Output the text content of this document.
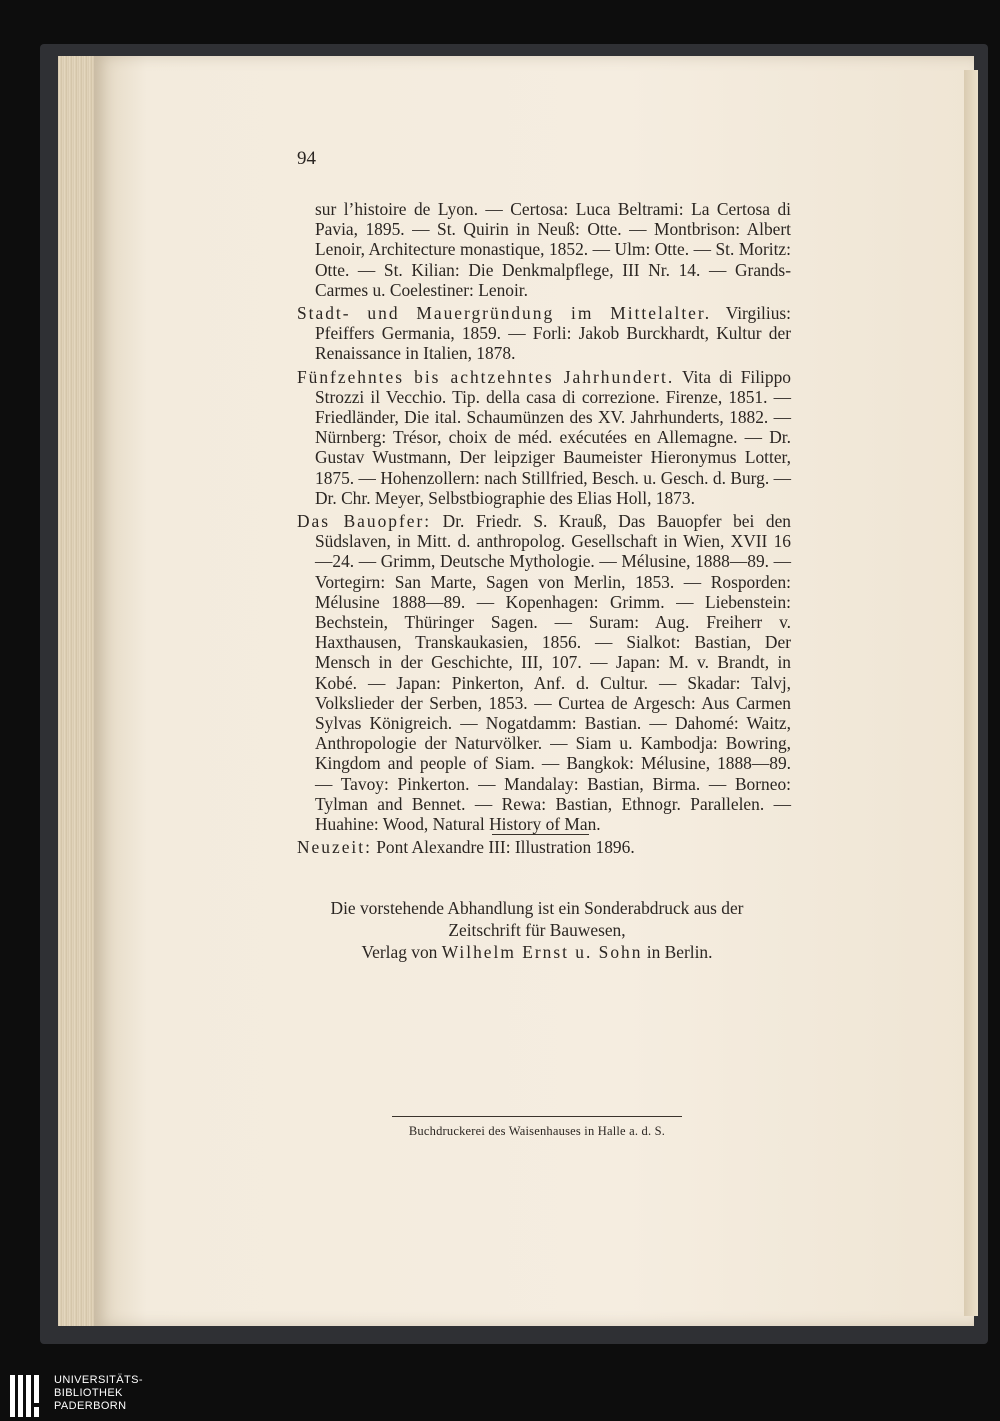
94

sur l’histoire de Lyon. — Certosa: Luca Beltrami: La Certosa di Pavia, 1895. — St. Quirin in Neuß: Otte. — Montbrison: Albert Lenoir, Architecture monastique, 1852. — Ulm: Otte. — St. Moritz: Otte. — St. Kilian: Die Denkmalpflege, III Nr. 14. — Grands-Carmes u. Coelestiner: Lenoir.

Stadt- und Mauergründung im Mittelalter. Virgilius: Pfeiffers Germania, 1859. — Forli: Jakob Burckhardt, Kultur der Renaissance in Italien, 1878.

Fünfzehntes bis achtzehntes Jahrhundert. Vita di Filippo Strozzi il Vecchio. Tip. della casa di correzione. Firenze, 1851. — Friedländer, Die ital. Schaumünzen des XV. Jahrhunderts, 1882. — Nürnberg: Trésor, choix de méd. exécutées en Allemagne. — Dr. Gustav Wustmann, Der leipziger Baumeister Hieronymus Lotter, 1875. — Hohenzollern: nach Stillfried, Besch. u. Gesch. d. Burg. — Dr. Chr. Meyer, Selbstbiographie des Elias Holl, 1873.

Das Bauopfer: Dr. Friedr. S. Krauß, Das Bauopfer bei den Südslaven, in Mitt. d. anthropolog. Gesellschaft in Wien, XVII 16—24. — Grimm, Deutsche Mythologie. — Mélusine, 1888—89. — Vortegirn: San Marte, Sagen von Merlin, 1853. — Rosporden: Mélusine 1888—89. — Kopenhagen: Grimm. — Liebenstein: Bechstein, Thüringer Sagen. — Suram: Aug. Freiherr v. Haxthausen, Transkaukasien, 1856. — Sialkot: Bastian, Der Mensch in der Geschichte, III, 107. — Japan: M. v. Brandt, in Kobé. — Japan: Pinkerton, Anf. d. Cultur. — Skadar: Talvj, Volkslieder der Serben, 1853. — Curtea de Argesch: Aus Carmen Sylvas Königreich. — Nogatdamm: Bastian. — Dahomé: Waitz, Anthropologie der Naturvölker. — Siam u. Kambodja: Bowring, Kingdom and people of Siam. — Bangkok: Mélusine, 1888—89. — Tavoy: Pinkerton. — Mandalay: Bastian, Birma. — Borneo: Tylman and Bennet. — Rewa: Bastian, Ethnogr. Parallelen. — Huahine: Wood, Natural History of Man.

Neuzeit: Pont Alexandre III: Illustration 1896.

Die vorstehende Abhandlung ist ein Sonderabdruck aus der
Zeitschrift für Bauwesen,
Verlag von Wilhelm Ernst u. Sohn in Berlin.
Buchdruckerei des Waisenhauses in Halle a. d. S.
UNIVERSITÄTS-
BIBLIOTHEK
PADERBORN
